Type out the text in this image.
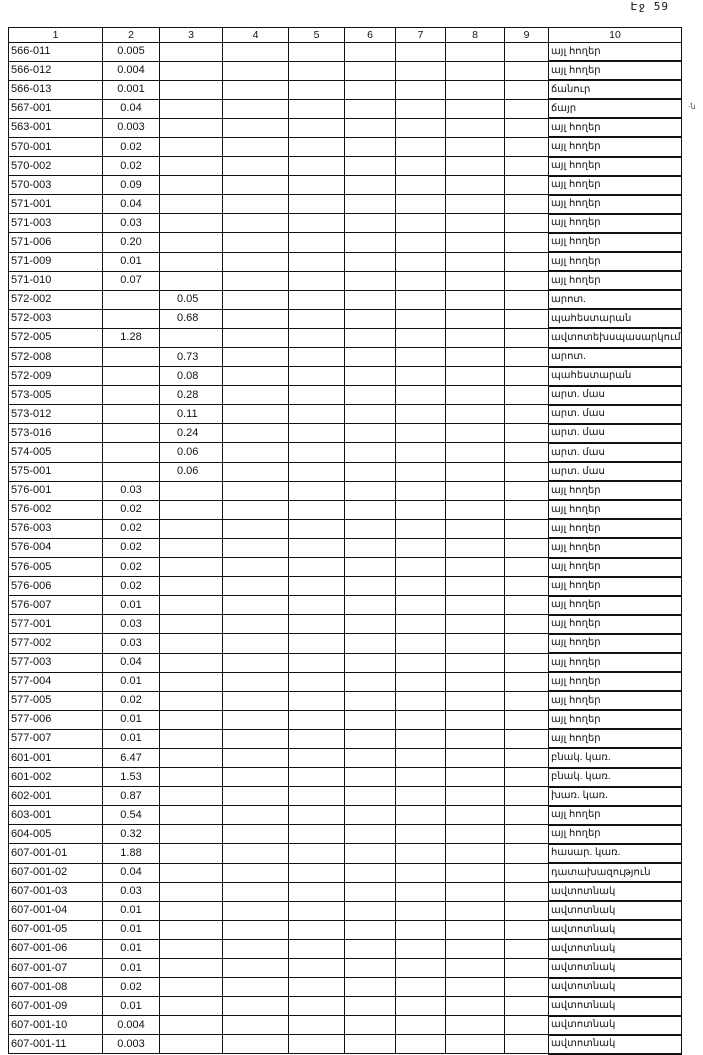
Էջ 59
·ն
1	2	3	4	5	6	7	8	9	10
566-011	0.005								այլ հողեր
566-012	0.004								այլ հողեր
566-013	0.001								ճանուր
567-001	0.04								ճայր
563-001	0.003								այլ հողեր
570-001	0.02								այլ հողեր
570-002	0.02								այլ հողեր
570-003	0.09								այլ հողեր
571-001	0.04								այլ հողեր
571-003	0.03								այլ հողեր
571-006	0.20								այլ հողեր
571-009	0.01								այլ հողեր
571-010	0.07								այլ հողեր
572-002		0.05							արոտ.
572-003		0.68							պահեստարան
572-005	1.28								ավտոտեխսպասարկում
572-008		0.73							արոտ.
572-009		0.08							պահեստարան
573-005		0.28							արտ. մաս
573-012		0.11							արտ. մաս
573-016		0.24							արտ. մաս
574-005		0.06							արտ. մաս
575-001		0.06							արտ. մաս
576-001	0.03								այլ հողեր
576-002	0.02								այլ հողեր
576-003	0.02								այլ հողեր
576-004	0.02								այլ հողեր
576-005	0.02								այլ հողեր
576-006	0.02								այլ հողեր
576-007	0.01								այլ հողեր
577-001	0.03								այլ հողեր
577-002	0.03								այլ հողեր
577-003	0.04								այլ հողեր
577-004	0.01								այլ հողեր
577-005	0.02								այլ հողեր
577-006	0.01								այլ հողեր
577-007	0.01								այլ հողեր
601-001	6.47								բնակ. կառ.
601-002	1.53								բնակ. կառ.
602-001	0.87								խառ. կառ.
603-001	0.54								այլ հողեր
604-005	0.32								այլ հողեր
607-001-01	1.88								հասար. կառ.
607-001-02	0.04								դատախազություն
607-001-03	0.03								ավտոտնակ
607-001-04	0.01								ավտոտնակ
607-001-05	0.01								ավտոտնակ
607-001-06	0.01								ավտոտնակ
607-001-07	0.01								ավտոտնակ
607-001-08	0.02								ավտոտնակ
607-001-09	0.01								ավտոտնակ
607-001-10	0.004								ավտոտնակ
607-001-11	0.003								ավտոտնակ
